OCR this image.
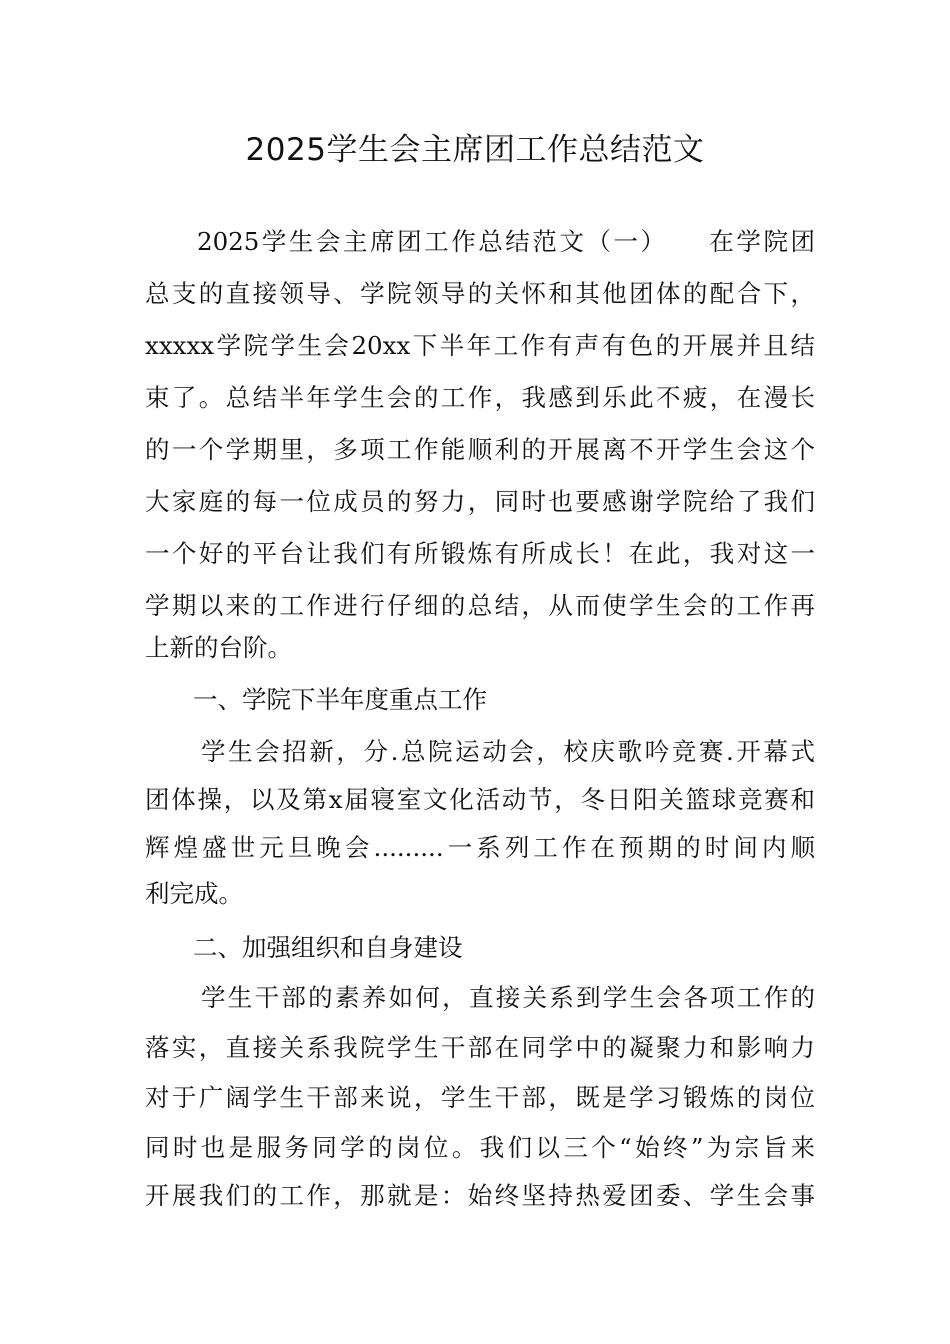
2025学生会主席团工作总结范文
2025学生会主席团工作总结范文（一）　　在学院团
总支的直接领导、学院领导的关怀和其他团体的配合下，
xxxxx学院学生会20xx下半年工作有声有色的开展并且结
束了。总结半年学生会的工作，我感到乐此不疲，在漫长
的一个学期里，多项工作能顺利的开展离不开学生会这个
大家庭的每一位成员的努力，同时也要感谢学院给了我们
一个好的平台让我们有所锻炼有所成长！在此，我对这一
学期以来的工作进行仔细的总结，从而使学生会的工作再
上新的台阶。
一、学院下半年度重点工作
学生会招新，分.总院运动会，校庆歌吟竞赛.开幕式
团体操，以及第x届寝室文化活动节，冬日阳关篮球竞赛和
辉煌盛世元旦晚会.........一系列工作在预期的时间内顺
利完成。
二、加强组织和自身建设
学生干部的素养如何，直接关系到学生会各项工作的
落实，直接关系我院学生干部在同学中的凝聚力和影响力
对于广阔学生干部来说，学生干部，既是学习锻炼的岗位
同时也是服务同学的岗位。我们以三个“始终”为宗旨来
开展我们的工作，那就是：始终坚持热爱团委、学生会事
